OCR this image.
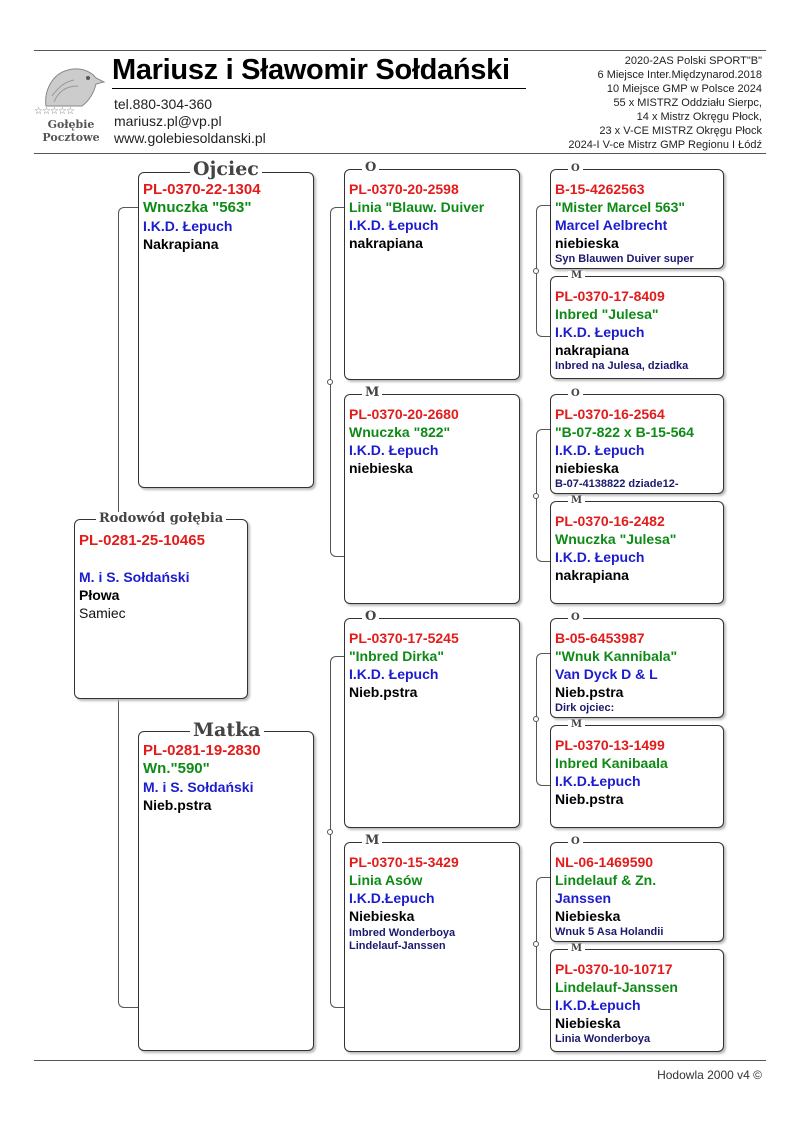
☆☆☆☆☆
Gołębie
Pocztowe
Mariusz i Sławomir Sołdański
tel.880-304-360
mariusz.pl@vp.pl
www.golebiesoldanski.pl
2020-2AS Polski SPORT"B"
6 Miejsce Inter.Międzynarod.2018
10 Miejsce GMP w Polsce 2024
55 x MISTRZ Oddziału Sierpc,
14 x Mistrz Okręgu Płock,
23 x V-CE MISTRZ Okręgu Płock
2024-I V-ce Mistrz GMP Regionu I Łódź
PL-0281-25-10465
M. i S. Sołdański
Płowa
Samiec
Rodowód gołębia
PL-0370-22-1304
Wnuczka "563"
I.K.D. Łepuch
Nakrapiana
Ojciec
PL-0281-19-2830
Wn."590"
M. i S. Sołdański
Nieb.pstra
Matka
PL-0370-20-2598
Linia "Blauw. Duiver
I.K.D. Łepuch
nakrapiana
O
PL-0370-20-2680
Wnuczka "822"
I.K.D. Łepuch
niebieska
M
PL-0370-17-5245
"Inbred Dirka"
I.K.D. Łepuch
Nieb.pstra
O
PL-0370-15-3429
Linia Asów
I.K.D.Łepuch
Niebieska
Imbred Wonderboya
Lindelauf-Janssen
M
B-15-4262563
"Mister Marcel 563"
Marcel Aelbrecht
niebieska
Syn Blauwen Duiver super
O
PL-0370-17-8409
Inbred "Julesa"
I.K.D. Łepuch
nakrapiana
Inbred na Julesa, dziadka
M
PL-0370-16-2564
"B-07-822 x B-15-564
I.K.D. Łepuch
niebieska
B-07-4138822 dziade12-
O
PL-0370-16-2482
Wnuczka "Julesa"
I.K.D. Łepuch
nakrapiana
M
B-05-6453987
"Wnuk Kannibala"
Van Dyck D & L
Nieb.pstra
Dirk ojciec:
O
PL-0370-13-1499
Inbred Kanibaala
I.K.D.Łepuch
Nieb.pstra
M
NL-06-1469590
Lindelauf & Zn.
Janssen
Niebieska
Wnuk 5 Asa Holandii
O
PL-0370-10-10717
Lindelauf-Janssen
I.K.D.Łepuch
Niebieska
Linia Wonderboya
M
Hodowla 2000 v4 ©
